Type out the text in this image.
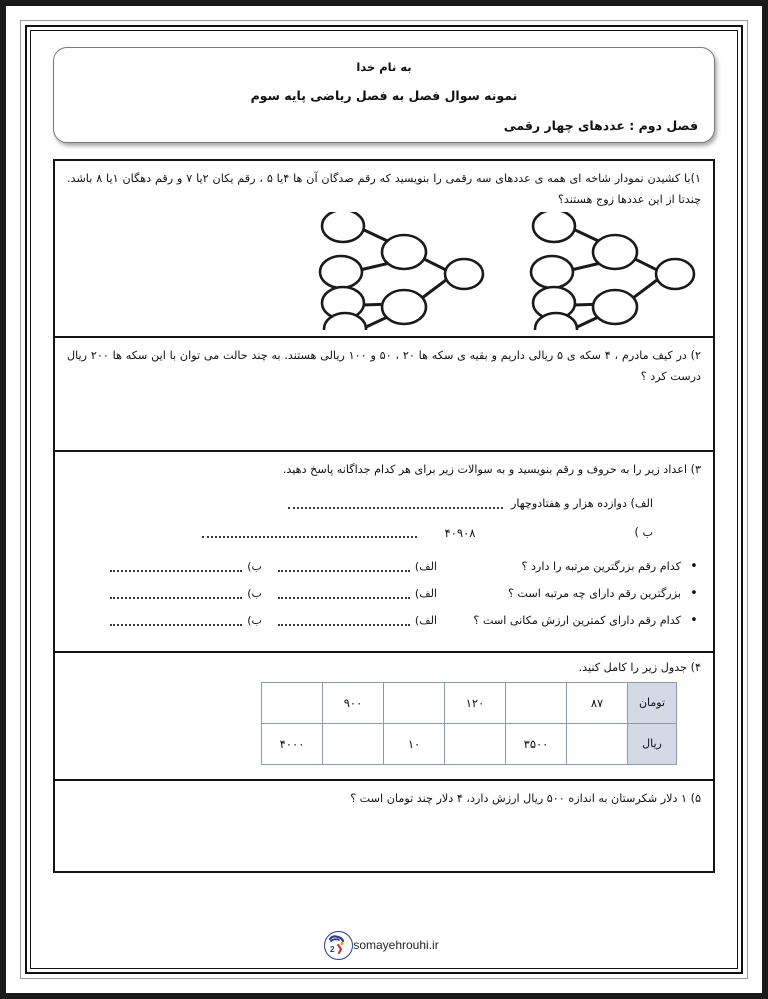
به نام خدا
نمونه سوال فصل به فصل ریاضی پایه سوم
فصل دوم : عددهای چهار رقمی
۱)با کشیدن نمودار شاخه ای همه ی عددهای سه رقمی را بنویسید که رقم صدگان آن ها ۴یا ۵ ، رقم یکان ۲یا ۷ و رقم دهگان ۱یا ۸ باشد. چندتا از این عددها زوج هستند؟
۲) در کیف مادرم ، ۴ سکه ی ۵ ریالی داریم و بقیه ی سکه ها ۲۰ ، ۵۰ و ۱۰۰ ریالی هستند. به چند حالت می توان با این سکه ها ۲۰۰ ریال درست کرد ؟
۳) اعداد زیر را به حروف و رقم بنویسید و به سوالات زیر برای هر کدام جداگانه پاسخ دهید.
الف) دوازده هزار و هفتادوچهار
ب )
۴۰۹۰۸
•
کدام رقم بزرگترین مرتبه را دارد ؟
الف)
ب)
•
بزرگترین رقم دارای چه مرتبه است ؟
الف)
ب)
•
کدام رقم دارای کمترین ارزش مکانی است ؟
الف)
ب)
۴) جدول زیر را کامل کنید.
تومان	۸۷		۱۲۰		۹۰۰	
ریال		۳۵۰۰		۱۰		۴۰۰۰
۵) ۱ دلار شکرستان به اندازه ۵۰۰ ریال ارزش دارد، ۴ دلار چند تومان است ؟
2 somayehrouhi.ir
